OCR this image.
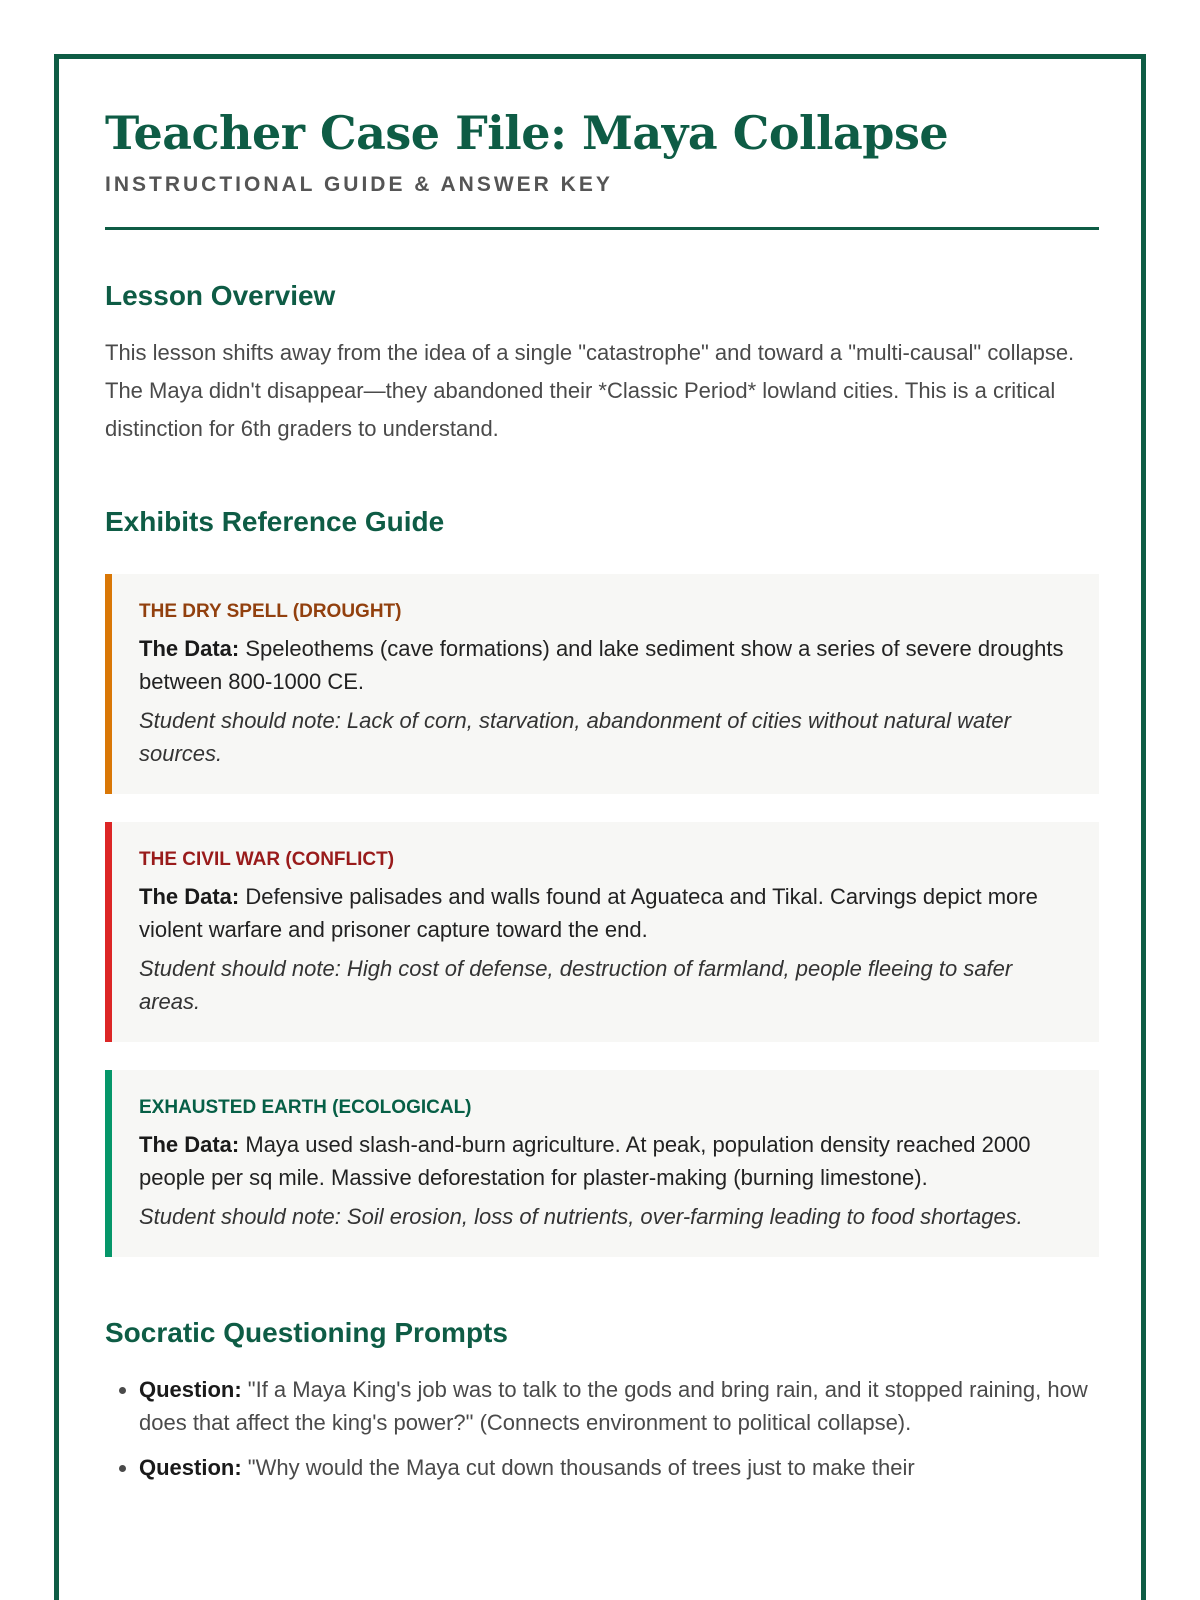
Teacher Case File: Maya Collapse
INSTRUCTIONAL GUIDE & ANSWER KEY
Lesson Overview
This lesson shifts away from the idea of a single "catastrophe" and toward a "multi-causal" collapse. The Maya didn't disappear—they abandoned their *Classic Period* lowland cities. This is a critical distinction for 6th graders to understand.
Exhibits Reference Guide
THE DRY SPELL (DROUGHT)
The Data: Speleothems (cave formations) and lake sediment show a series of severe droughts between 800-1000 CE.
Student should note: Lack of corn, starvation, abandonment of cities without natural water sources.
THE CIVIL WAR (CONFLICT)
The Data: Defensive palisades and walls found at Aguateca and Tikal. Carvings depict more violent warfare and prisoner capture toward the end.
Student should note: High cost of defense, destruction of farmland, people fleeing to safer areas.
EXHAUSTED EARTH (ECOLOGICAL)
The Data: Maya used slash-and-burn agriculture. At peak, population density reached 2000 people per sq mile. Massive deforestation for plaster-making (burning limestone).
Student should note: Soil erosion, loss of nutrients, over-farming leading to food shortages.
Socratic Questioning Prompts
• Question: "If a Maya King's job was to talk to the gods and bring rain, and it stopped raining, how does that affect the king's power?" (Connects environment to political collapse).
• Question: "Why would the Maya cut down thousands of trees just to make their
